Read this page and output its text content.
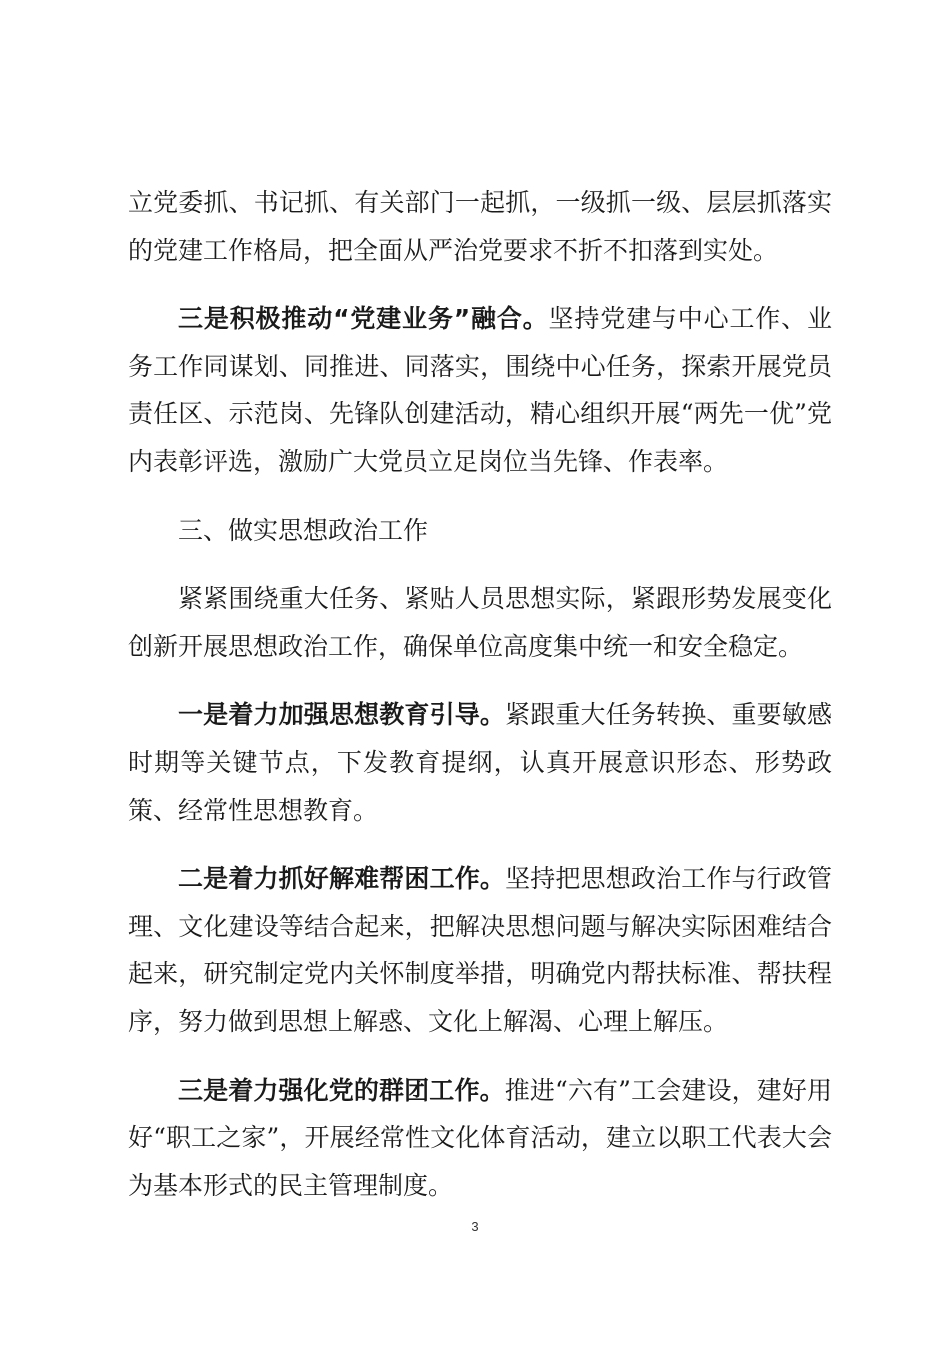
立党委抓、书记抓、有关部门一起抓，一级抓一级、层层抓落实的党建工作格局，把全面从严治党要求不折不扣落到实处。

三是积极推动“党建业务”融合。坚持党建与中心工作、业务工作同谋划、同推进、同落实，围绕中心任务，探索开展党员责任区、示范岗、先锋队创建活动，精心组织开展“两先一优”党内表彰评选，激励广大党员立足岗位当先锋、作表率。

三、做实思想政治工作

紧紧围绕重大任务、紧贴人员思想实际，紧跟形势发展变化创新开展思想政治工作，确保单位高度集中统一和安全稳定。

一是着力加强思想教育引导。紧跟重大任务转换、重要敏感时期等关键节点，下发教育提纲，认真开展意识形态、形势政策、经常性思想教育。

二是着力抓好解难帮困工作。坚持把思想政治工作与行政管理、文化建设等结合起来，把解决思想问题与解决实际困难结合起来，研究制定党内关怀制度举措，明确党内帮扶标准、帮扶程序，努力做到思想上解惑、文化上解渴、心理上解压。

三是着力强化党的群团工作。推进“六有”工会建设，建好用好“职工之家”，开展经常性文化体育活动，建立以职工代表大会为基本形式的民主管理制度。

3
